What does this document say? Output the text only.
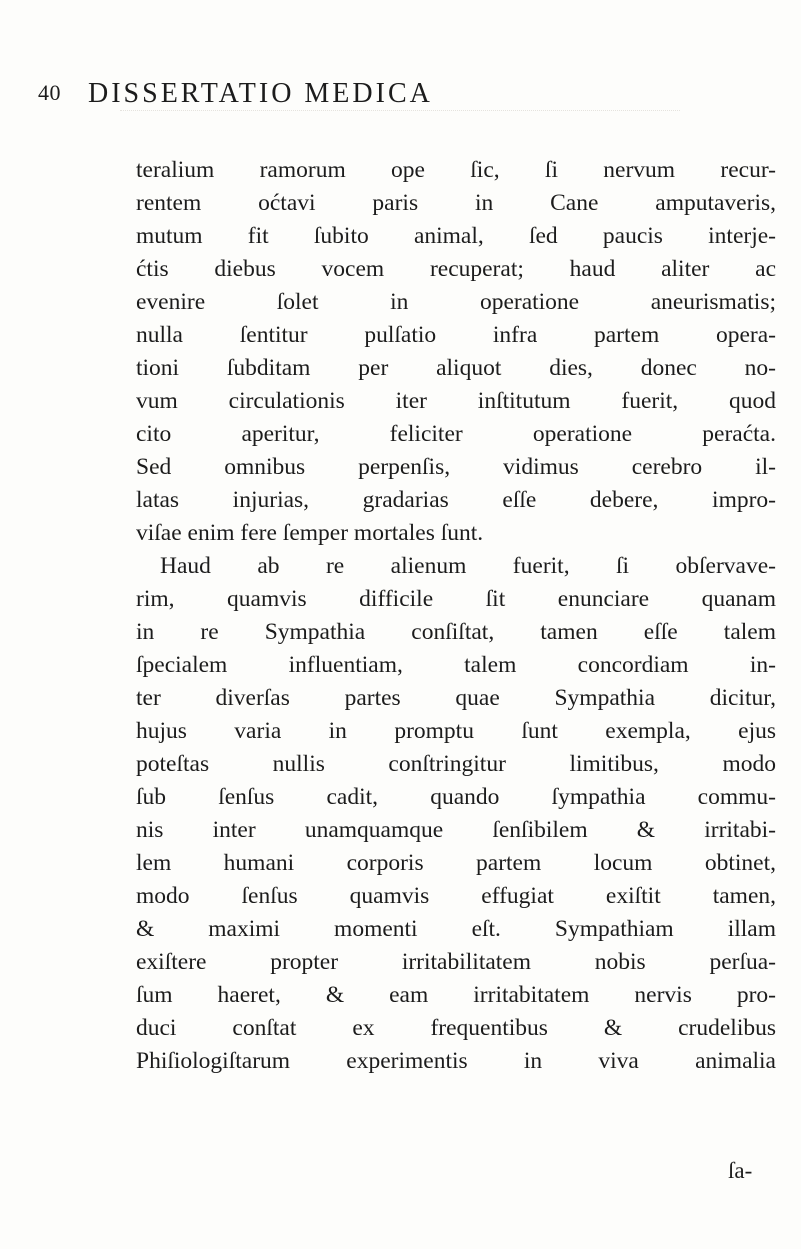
40 DISSERTATIO MEDICA
teralium ramorum ope ſic, ſi nervum recur-
rentem oćtavi paris in Cane amputaveris,
mutum fit ſubito animal, ſed paucis interje-
ćtis diebus vocem recuperat; haud aliter ac
evenire ſolet in operatione aneurismatis;
nulla ſentitur pulſatio infra partem opera-
tioni ſubditam per aliquot dies, donec no-
vum circulationis iter inſtitutum fuerit, quod
cito aperitur, feliciter operatione peraćta.
Sed omnibus perpenſis, vidimus cerebro il-
latas injurias, gradarias eſſe debere, impro-
viſae enim fere ſemper mortales ſunt.
Haud ab re alienum fuerit, ſi obſervave-
rim, quamvis difficile ſit enunciare quanam
in re Sympathia conſiſtat, tamen eſſe talem
ſpecialem influentiam, talem concordiam in-
ter diverſas partes quae Sympathia dicitur,
hujus varia in promptu ſunt exempla, ejus
poteſtas nullis conſtringitur limitibus, modo
ſub ſenſus cadit, quando ſympathia commu-
nis inter unamquamque ſenſibilem & irritabi-
lem humani corporis partem locum obtinet,
modo ſenſus quamvis effugiat exiſtit tamen,
& maximi momenti eſt. Sympathiam illam
exiſtere propter irritabilitatem nobis perſua-
ſum haeret, & eam irritabitatem nervis pro-
duci conſtat ex frequentibus & crudelibus
Phiſiologiſtarum experimentis in viva animalia
ſa-
